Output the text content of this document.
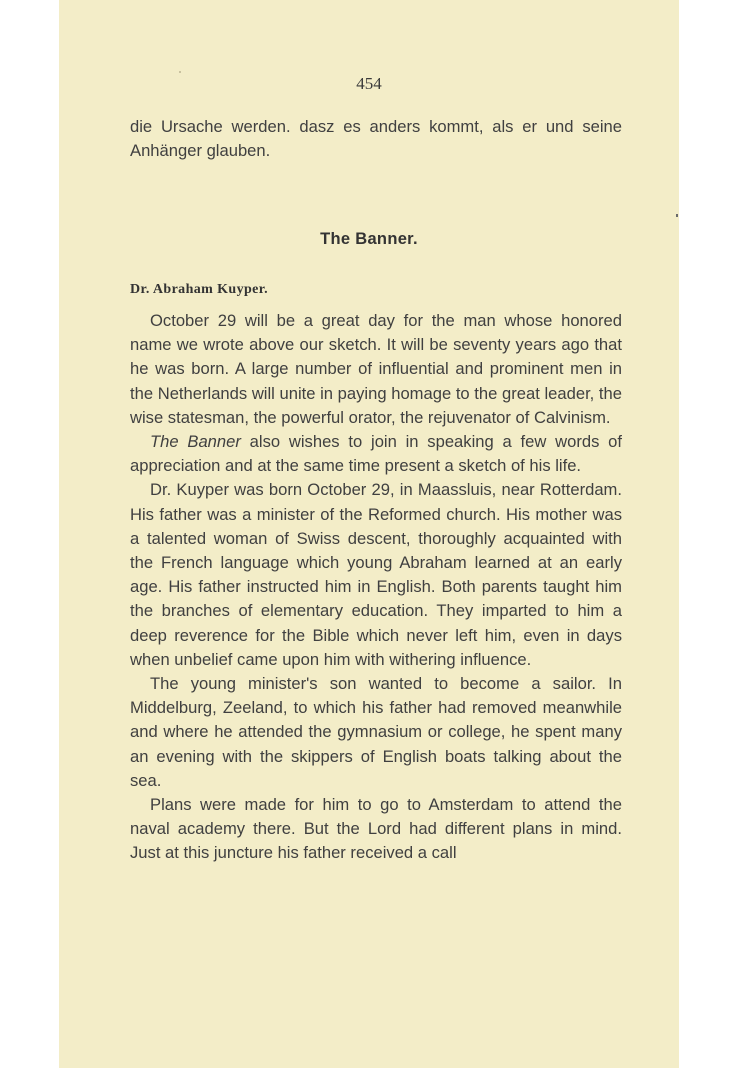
454

die Ursache werden. dasz es anders kommt, als er und seine Anhänger glauben.

The Banner.
Dr. Abraham Kuyper.

October 29 will be a great day for the man whose honored name we wrote above our sketch. It will be seventy years ago that he was born. A large number of influential and prominent men in the Netherlands will unite in paying homage to the great leader, the wise statesman, the powerful orator, the rejuvenator of Calvinism.

The Banner also wishes to join in speaking a few words of appreciation and at the same time present a sketch of his life.

Dr. Kuyper was born October 29, in Maassluis, near Rotterdam. His father was a minister of the Reformed church. His mother was a talented woman of Swiss descent, thoroughly acquainted with the French language which young Abraham learned at an early age. His father instructed him in English. Both parents taught him the branches of elementary education. They imparted to him a deep reverence for the Bible which never left him, even in days when unbelief came upon him with withering influence.

The young minister's son wanted to become a sailor. In Middelburg, Zeeland, to which his father had removed meanwhile and where he attended the gymnasium or college, he spent many an evening with the skippers of English boats talking about the sea.

Plans were made for him to go to Amsterdam to attend the naval academy there. But the Lord had different plans in mind. Just at this juncture his father received a call
